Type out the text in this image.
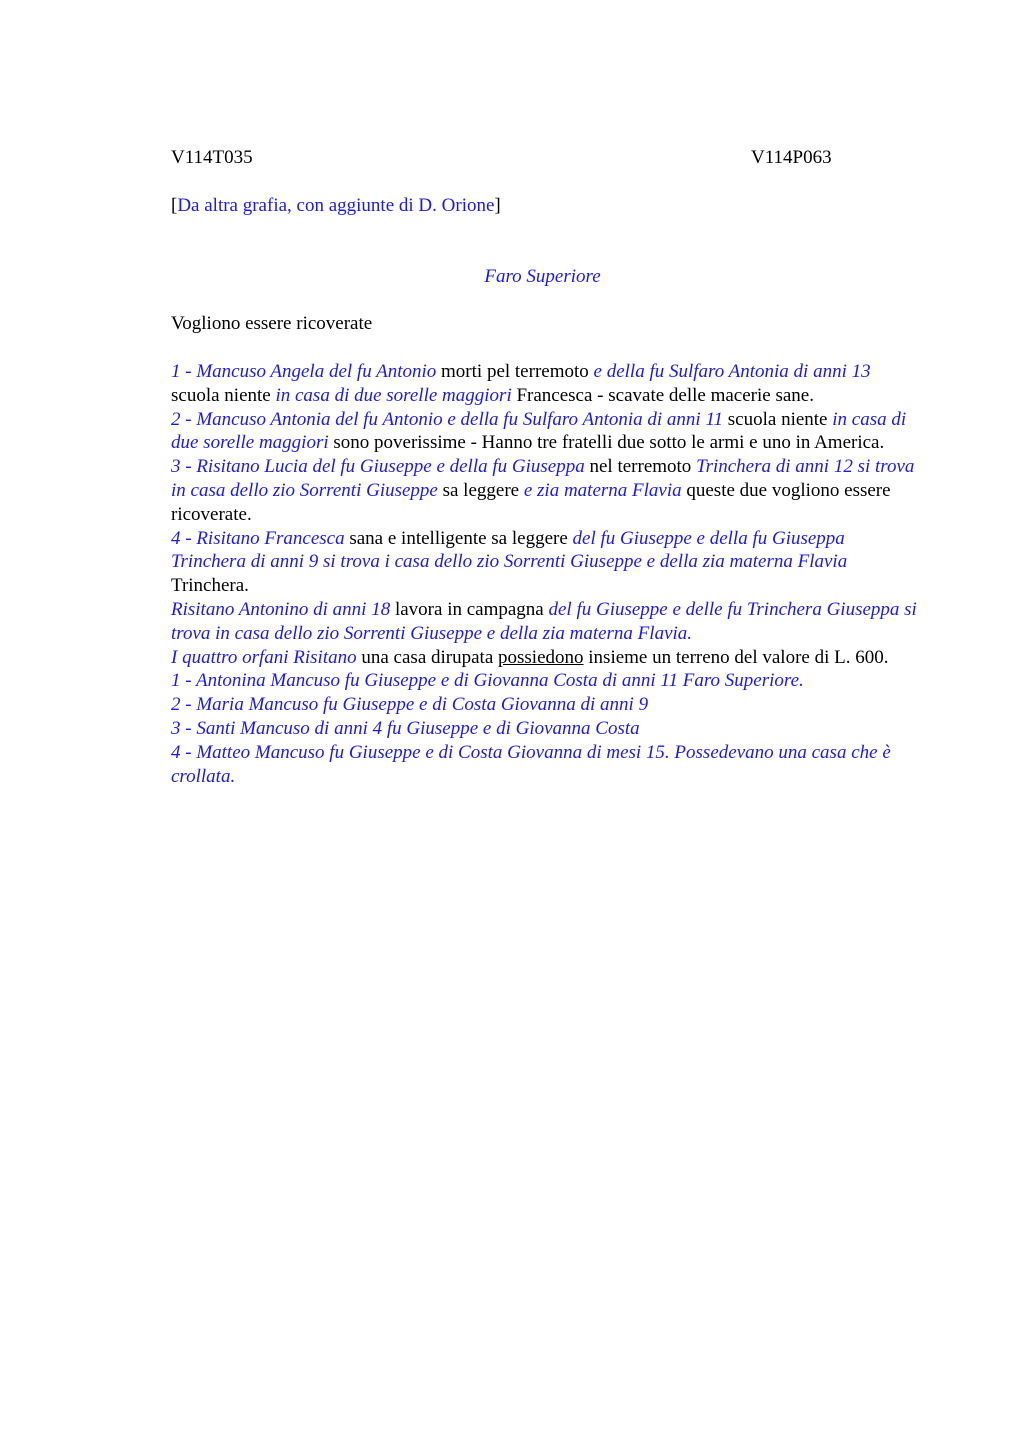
V114T035	V114P063
[Da altra grafia, con aggiunte di D. Orione]
Faro Superiore
Vogliono essere ricoverate

1 - Mancuso Angela del fu Antonio morti pel terremoto e della fu Sulfaro Antonia di anni 13 scuola niente in casa di due sorelle maggiori Francesca - scavate delle macerie sane.

2 - Mancuso Antonia del fu Antonio e della fu Sulfaro Antonia di anni 11 scuola niente in casa di due sorelle maggiori sono poverissime - Hanno tre fratelli due sotto le armi e uno in America.

3 - Risitano Lucia del fu Giuseppe e della fu Giuseppa nel terremoto Trinchera di anni 12 si trova in casa dello zio Sorrenti Giuseppe sa leggere e zia materna Flavia queste due vogliono essere ricoverate.

4 - Risitano Francesca sana e intelligente sa leggere del fu Giuseppe e della fu Giuseppa Trinchera di anni 9 si trova i casa dello zio Sorrenti Giuseppe e della zia materna Flavia Trinchera.

Risitano Antonino di anni 18 lavora in campagna del fu Giuseppe e delle fu Trinchera Giuseppa si trova in casa dello zio Sorrenti Giuseppe e della zia materna Flavia.

I quattro orfani Risitano una casa dirupata possiedono insieme un terreno del valore di L. 600.

1 - Antonina Mancuso fu Giuseppe e di Giovanna Costa di anni 11 Faro Superiore.

2 - Maria Mancuso fu Giuseppe e di Costa Giovanna di anni 9

3 - Santi Mancuso di anni 4 fu Giuseppe e di Giovanna Costa

4 - Matteo Mancuso fu Giuseppe e di Costa Giovanna di mesi 15. Possedevano una casa che è crollata.
